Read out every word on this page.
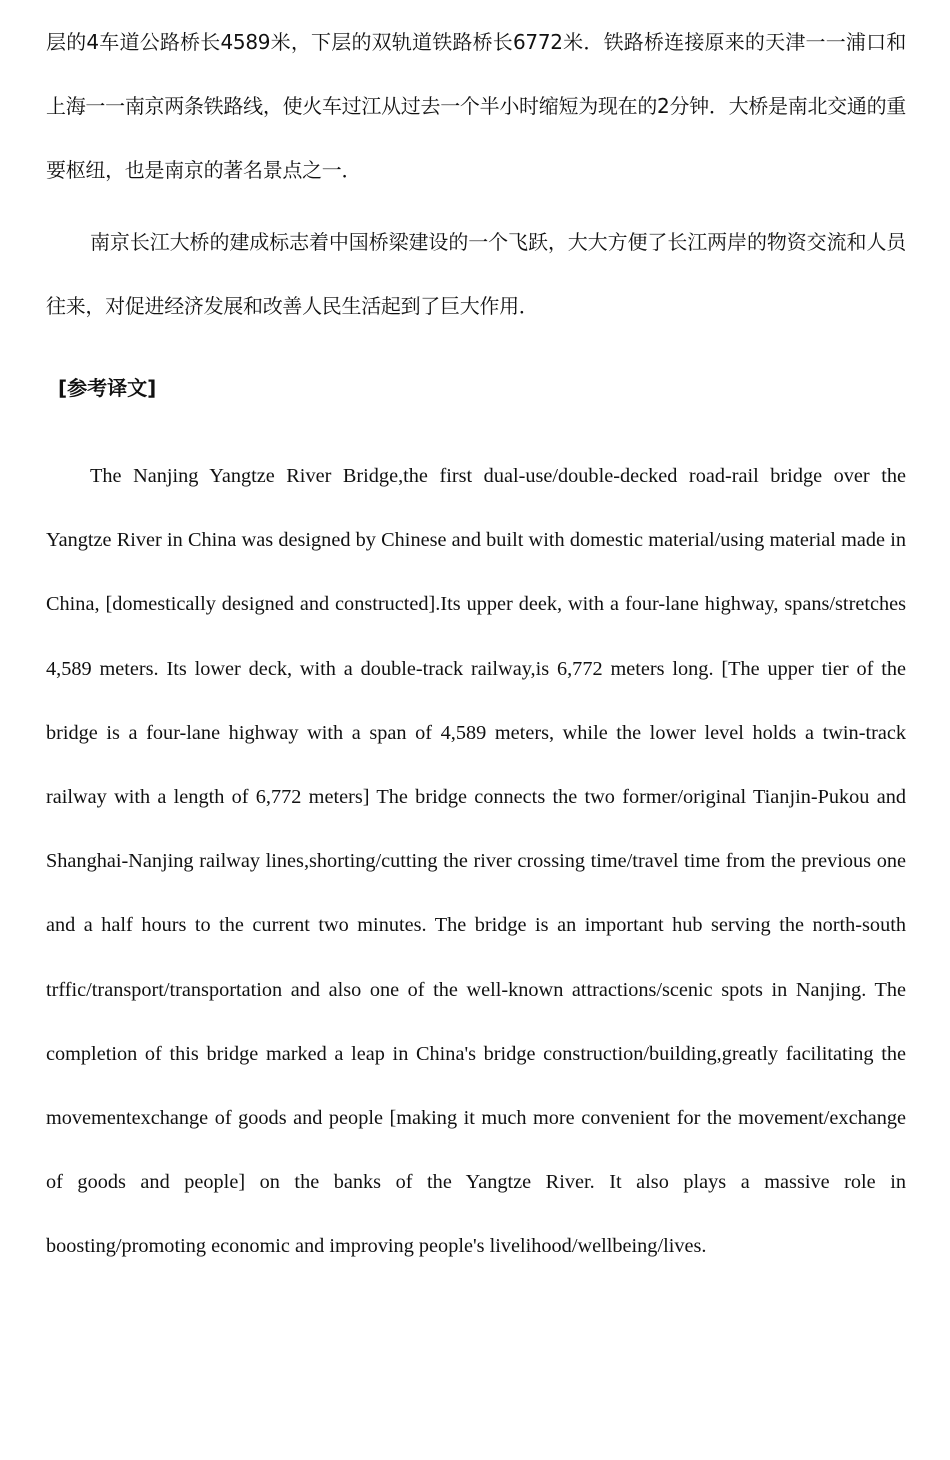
层的4车道公路桥长4589米，下层的双轨道铁路桥长6772米．铁路桥连接原来的天津一一浦口和上海一一南京两条铁路线，使火车过江从过去一个半小时缩短为现在的2分钟．大桥是南北交通的重要枢纽，也是南京的著名景点之一．

南京长江大桥的建成标志着中国桥梁建设的一个飞跃，大大方便了长江两岸的物资交流和人员往来，对促进经济发展和改善人民生活起到了巨大作用．

[参考译文]

The Nanjing Yangtze River Bridge,the first dual-use/double-decked road-rail bridge over the Yangtze River in China was designed by Chinese and built with domestic material/using material made in China, [domestically designed and constructed].Its upper deek, with a four-lane highway, spans/stretches 4,589 meters. Its lower deck, with a double-track railway,is 6,772 meters long. [The upper tier of the bridge is a four-lane highway with a span of 4,589 meters, while the lower level holds a twin-track railway with a length of 6,772 meters] The bridge connects the two former/original Tianjin-Pukou and Shanghai-Nanjing railway lines,shorting/cutting the river crossing time/travel time from the previous one and a half hours to the current two minutes. The bridge is an important hub serving the north-south trffic/transport/transportation and also one of the well-known attractions/scenic spots in Nanjing. The completion of this bridge marked a leap in China's bridge construction/building,greatly facilitating the movementexchange of goods and people [making it much more convenient for the movement/exchange of goods and people] on the banks of the Yangtze River. It also plays a massive role in boosting/promoting economic and improving people's livelihood/wellbeing/lives.
